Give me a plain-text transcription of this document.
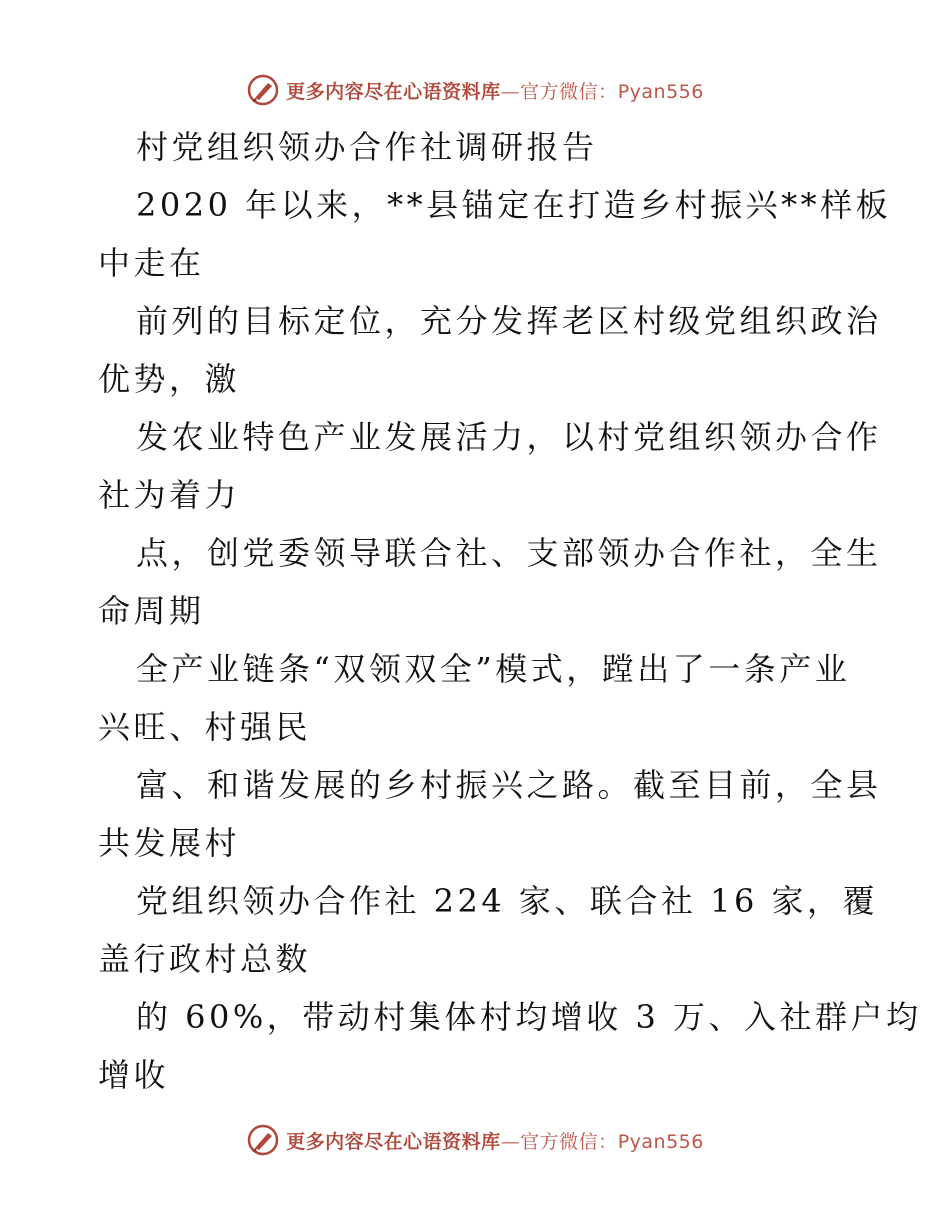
更多内容尽在心语资料库—官方微信：Pyan556
村党组织领办合作社调研报告
2020 年以来，**县锚定在打造乡村振兴**样板
中走在
前列的目标定位，充分发挥老区村级党组织政治
优势，激
发农业特色产业发展活力，以村党组织领办合作
社为着力
点，创党委领导联合社、支部领办合作社，全生
命周期
全产业链条“双领双全”模式，蹚出了一条产业
兴旺、村强民
富、和谐发展的乡村振兴之路。截至目前，全县
共发展村
党组织领办合作社 224 家、联合社 16 家，覆
盖行政村总数
的 60%，带动村集体村均增收 3 万、入社群户均
增收
更多内容尽在心语资料库—官方微信：Pyan556
